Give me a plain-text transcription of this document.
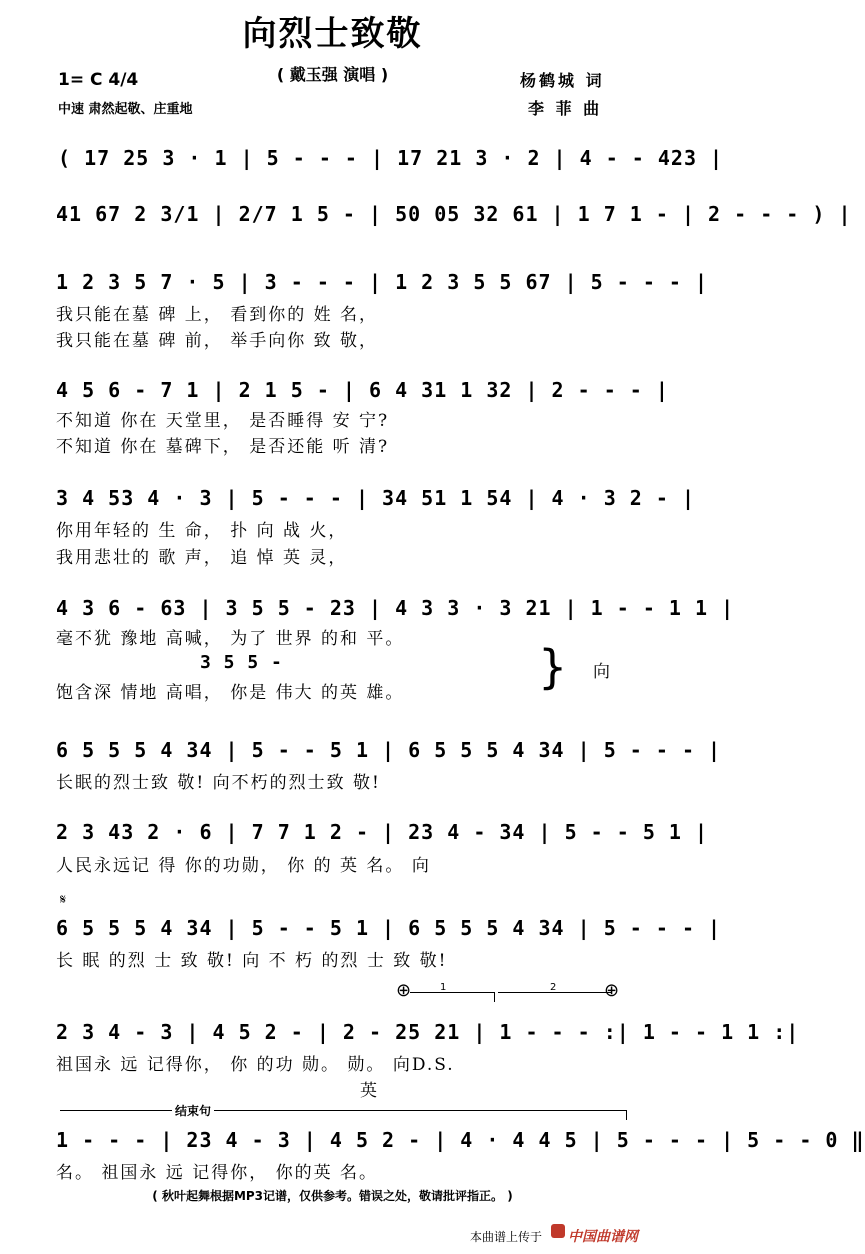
向烈士致敬
( 戴玉强 演唱 )
1= C 4/4
中速 肃然起敬、庄重地
杨鹤城 词
李 菲 曲
( 17 25 3 · 1 | 5 - - - | 17 21 3 · 2 | 4 - - 423 |
41 67 2 3/1 | 2/7 1 5 - | 50 05 32 61 | 1 7 1 - | 2 - - - ) |
1 2 3 5 7 · 5 | 3 - - - | 1 2 3 5 5 67 | 5 - - - |
我只能在墓 碑 上， 看到你的 姓 名，
我只能在墓 碑 前， 举手向你 致 敬，
4 5 6 - 7 1 | 2 1 5 - | 6 4 31 1 32 | 2 - - - |
不知道 你在 天堂里， 是否睡得 安 宁?
不知道 你在 墓碑下， 是否还能 听 清?
3 4 53 4 · 3 | 5 - - - | 34 51 1 54 | 4 · 3 2 - |
你用年轻的 生 命， 扑 向 战 火，
我用悲壮的 歌 声， 追 悼 英 灵，
4 3 6 - 63 | 3 5 5 - 23 | 4 3 3 · 3 21 | 1 - - 1 1 |
毫不犹 豫地 高喊， 为了 世界 的和 平。
3 5 5 -
饱含深 情地 高唱， 你是 伟大 的英 雄。	} 向
6 5 5 5 4 34 | 5 - - 5 1 | 6 5 5 5 4 34 | 5 - - - |
长眠的烈士致 敬! 向不朽的烈士致 敬!
2 3 43 2 · 6 | 7 7 1 2 - | 23 4 - 34 | 5 - - 5 1 |
人民永远记 得 你的功勋， 你 的 英 名。 向
𝄋
6 5 5 5 4 34 | 5 - - 5 1 | 6 5 5 5 4 34 | 5 - - - |
长 眠 的烈 士 致 敬! 向 不 朽 的烈 士 致 敬!
⊕	1	2	⊕
2 3 4 - 3 | 4 5 2 - | 2 - 25 21 | 1 - - - :| 1 - - 1 1 :|
祖国永 远 记得你， 你 的功 勋。 勋。 向D.S.
英
结束句
1 - - - | 23 4 - 3 | 4 5 2 - | 4 · 4 4 5 | 5 - - - | 5 - - 0 ‖
名。 祖国永 远 记得你， 你的英 名。
( 秋叶起舞根据MP3记谱，仅供参考。错误之处，敬请批评指正。 )
本曲谱上传于 中国曲谱网
